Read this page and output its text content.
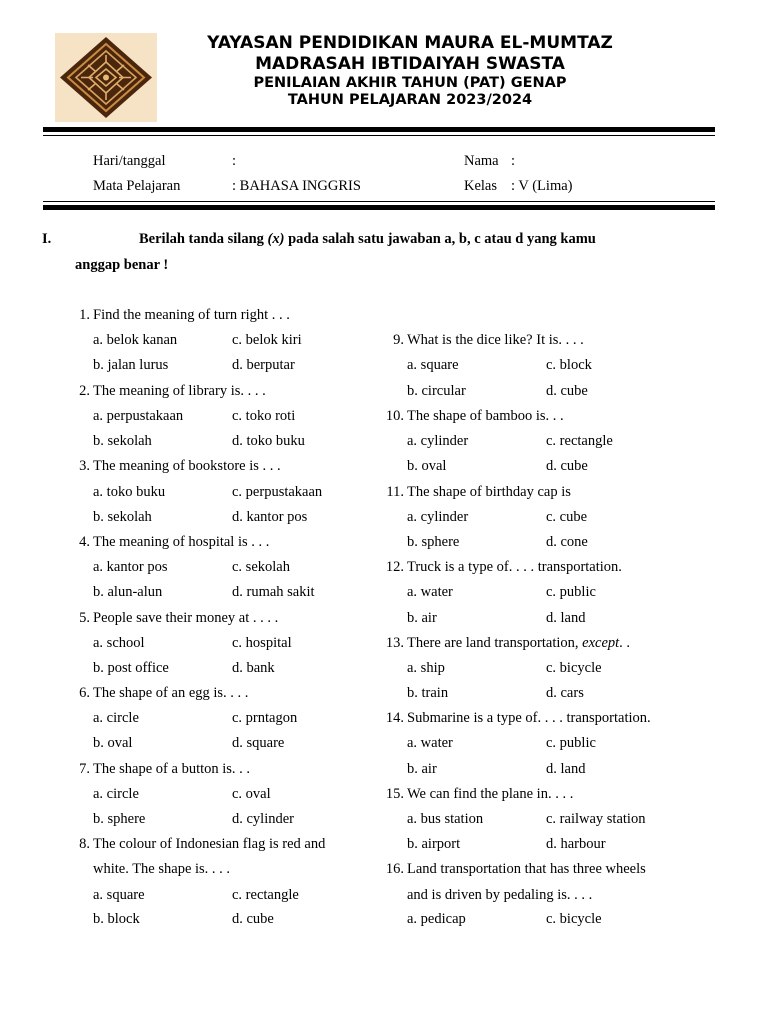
YAYASAN PENDIDIKAN MAURA EL-MUMTAZ
MADRASAH IBTIDAIYAH SWASTA
PENILAIAN AKHIR TAHUN (PAT) GENAP
TAHUN PELAJARAN 2023/2024
Hari/tanggal	:	Nama :
Mata Pelajaran	: BAHASA INGGRIS	Kelas : V (Lima)
I.	Berilah tanda silang (x) pada salah satu jawaban a, b, c atau d yang kamu
anggap benar !
1. Find the meaning of turn right . . .
a. belok kanan	c. belok kiri
b. jalan lurus	d. berputar
2. The meaning of library is. . . .
a. perpustakaan	c. toko roti
b. sekolah	d. toko buku
3. The meaning of bookstore is . . .
a. toko buku	c. perpustakaan
b. sekolah	d. kantor pos
4. The meaning of hospital is . . .
a. kantor pos	c. sekolah
b. alun-alun	d. rumah sakit
5. People save their money at . . . .
a. school	c. hospital
b. post office	d. bank
6. The shape of an egg is. . . .
a. circle	c. prntagon
b. oval	d. square
7. The shape of a button is. . .
a. circle	c. oval
b. sphere	d. cylinder
8. The colour of Indonesian flag is red and
white. The shape is. . . .
a. square	c. rectangle
b. block	d. cube
9. What is the dice like? It is. . . .
a. square	c. block
b. circular	d. cube
10. The shape of bamboo is. . .
a. cylinder	c. rectangle
b. oval	d. cube
11. The shape of birthday cap is
a. cylinder	c. cube
b. sphere	d. cone
12. Truck is a type of. . . . transportation.
a. water	c. public
b. air	d. land
13. There are land transportation, except. .
a. ship	c. bicycle
b. train	d. cars
14. Submarine is a type of. . . . transportation.
a. water	c. public
b. air	d. land
15. We can find the plane in. . . .
a. bus station	c. railway station
b. airport	d. harbour
16. Land transportation that has three wheels
and is driven by pedaling is. . . .
a. pedicap	c. bicycle
